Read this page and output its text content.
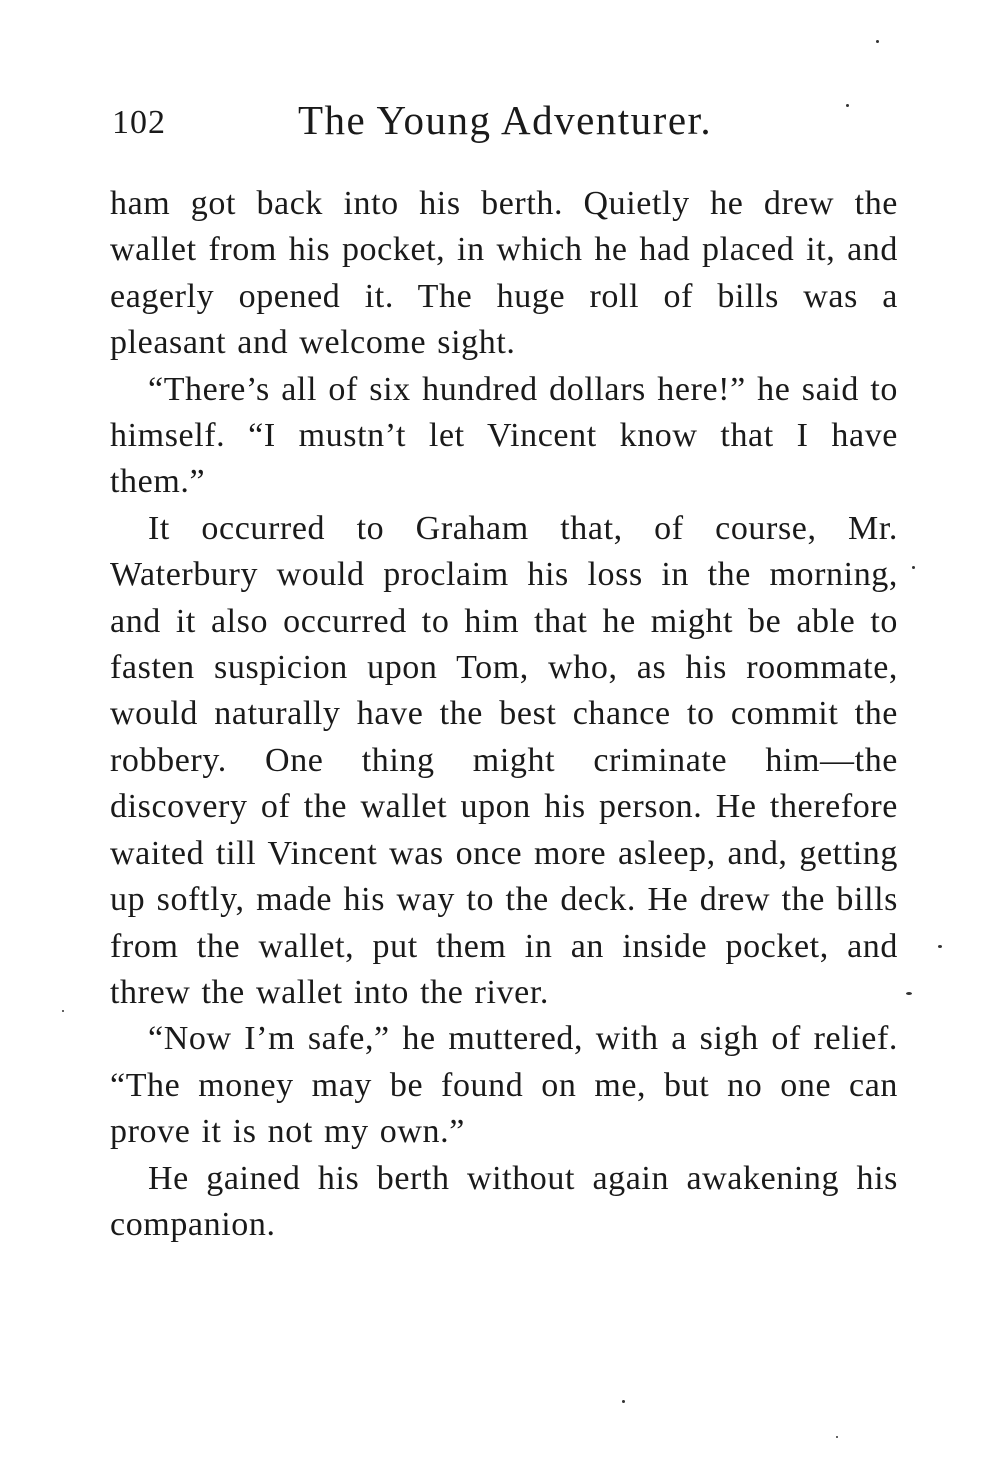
102	The Young Adventurer.

ham got back into his berth. Quietly he drew the wallet from his pocket, in which he had placed it, and eagerly opened it. The huge roll of bills was a pleasant and welcome sight.

“There’s all of six hundred dollars here!” he said to himself. “I mustn’t let Vincent know that I have them.”

It occurred to Graham that, of course, Mr. Waterbury would proclaim his loss in the morning, and it also occurred to him that he might be able to fasten suspicion upon Tom, who, as his roommate, would naturally have the best chance to commit the robbery. One thing might criminate him—the discovery of the wallet upon his person. He therefore waited till Vincent was once more asleep, and, getting up softly, made his way to the deck. He drew the bills from the wallet, put them in an inside pocket, and threw the wallet into the river.

“Now I’m safe,” he muttered, with a sigh of relief. “The money may be found on me, but no one can prove it is not my own.”

He gained his berth without again awakening his companion.
